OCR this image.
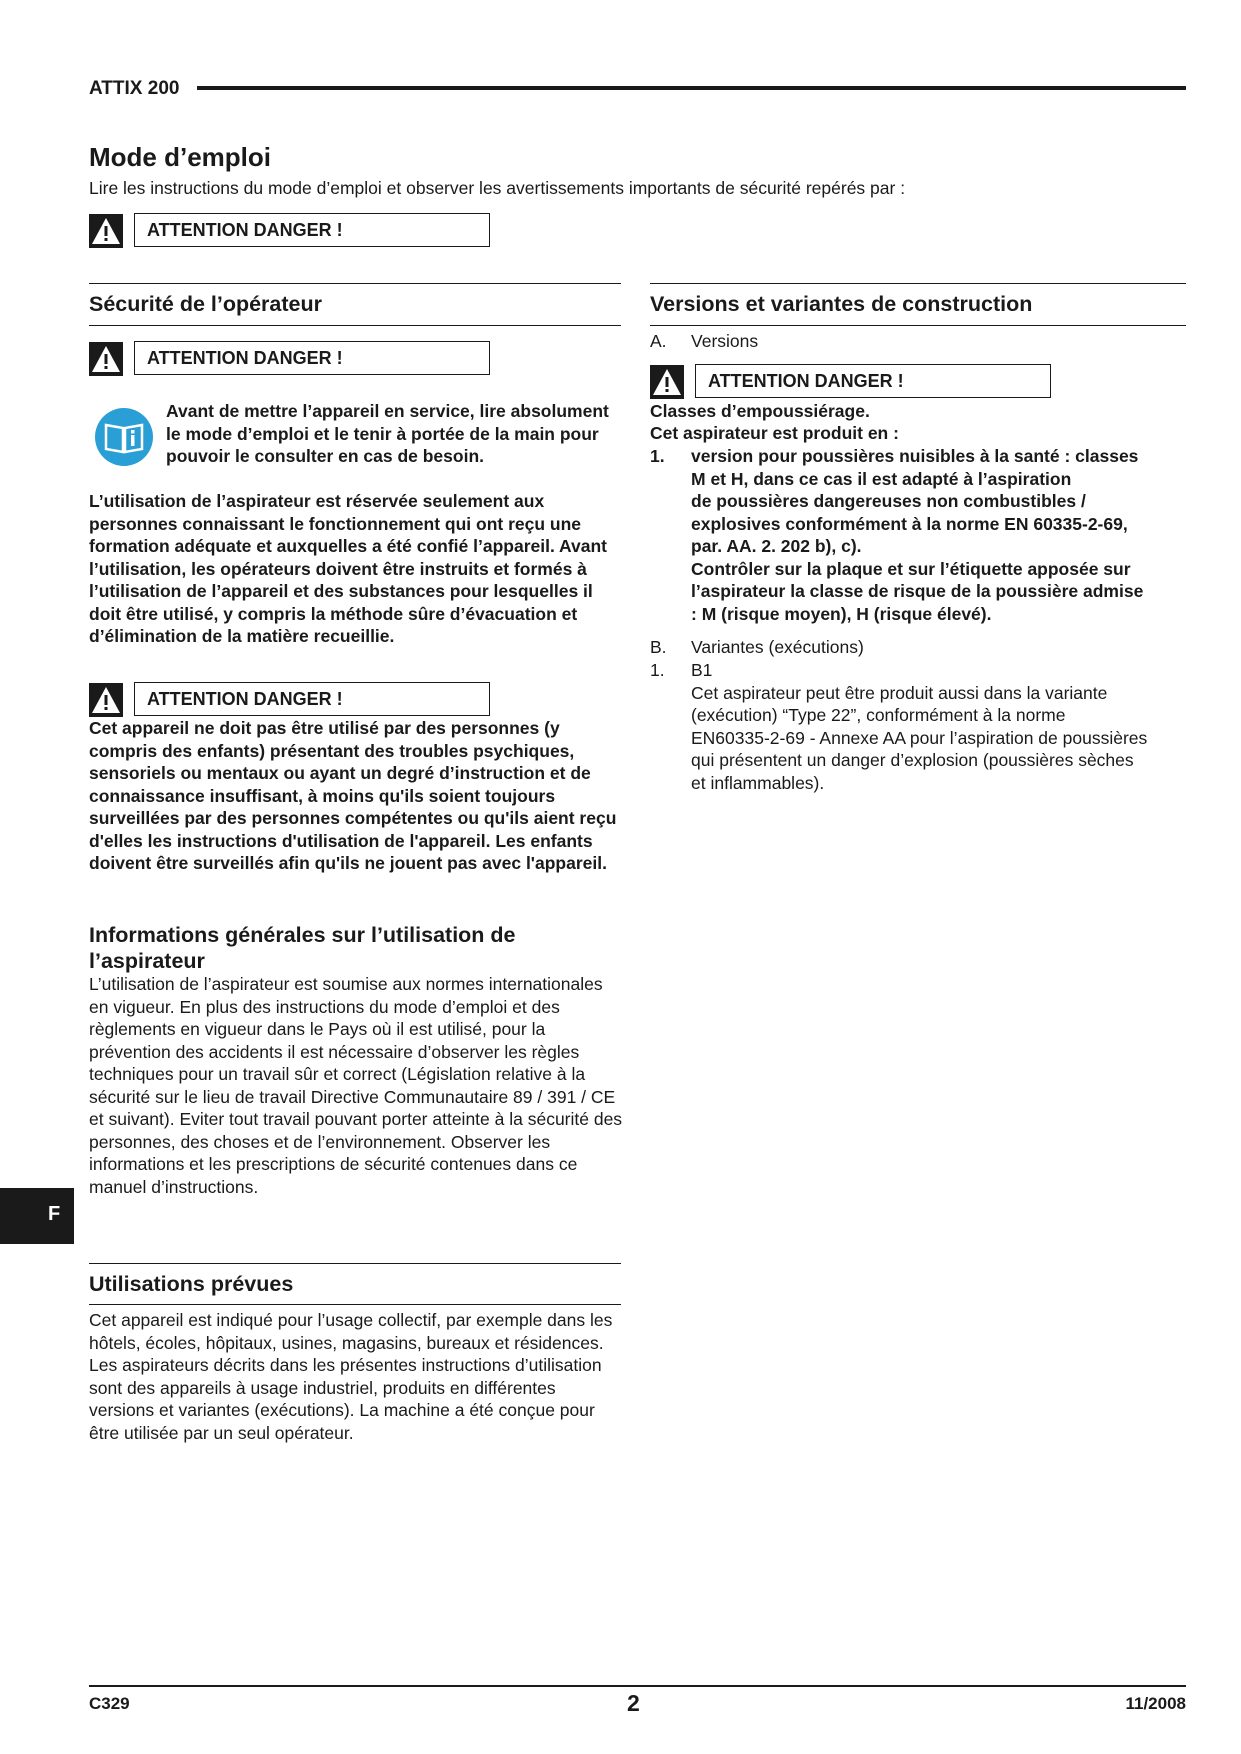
ATTIX 200
Mode d’emploi
Lire les instructions du mode d’emploi et observer les avertissements importants de sécurité repérés par :
ATTENTION DANGER !
Sécurité de l’opérateur
ATTENTION DANGER !

Avant de mettre l’appareil en service, lire absolument le mode d’emploi et le tenir à portée de la main pour pouvoir le consulter en cas de besoin.

L’utilisation de l’aspirateur est réservée seulement aux personnes connaissant le fonctionnement qui ont reçu une formation adéquate et auxquelles a été confié l’appareil. Avant l’utilisation, les opérateurs doivent être instruits et formés à l’utilisation de l’appareil et des substances pour lesquelles il doit être utilisé, y compris la méthode sûre d’évacuation et d’élimination de la matière recueillie.

ATTENTION DANGER !

Cet appareil ne doit pas être utilisé par des personnes (y compris des enfants) présentant des troubles psychiques, sensoriels ou mentaux ou ayant un degré d’instruction et de connaissance insuffisant, à moins qu'ils soient toujours surveillées par des personnes compétentes ou qu'ils aient reçu d'elles les instructions d'utilisation de l'appareil. Les enfants doivent être surveillés afin qu'ils ne jouent pas avec l'appareil.

Informations générales sur l’utilisation de l’aspirateur

L’utilisation de l’aspirateur est soumise aux normes internationales en vigueur. En plus des instructions du mode d’emploi et des règlements en vigueur dans le Pays où il est utilisé, pour la prévention des accidents il est nécessaire d’observer les règles techniques pour un travail sûr et correct (Législation relative à la sécurité sur le lieu de travail Directive Communautaire 89 / 391 / CE et suivant). Eviter tout travail pouvant porter atteinte à la sécurité des personnes, des choses et de l’environnement. Observer les informations et les prescriptions de sécurité contenues dans ce manuel d’instructions.

Utilisations prévues

Cet appareil est indiqué pour l’usage collectif, par exemple dans les hôtels, écoles, hôpitaux, usines, magasins, bureaux et résidences. Les aspirateurs décrits dans les présentes instructions d’utilisation sont des appareils à usage industriel, produits en différentes versions et variantes (exécutions). La machine a été conçue pour être utilisée par un seul opérateur.

Versions et variantes de construction
A. Versions
ATTENTION DANGER !
Classes d’empoussiérage.
Cet aspirateur est produit en :
1. version pour poussières nuisibles à la santé : classes
M et H, dans ce cas il est adapté à l’aspiration
de poussières dangereuses non combustibles /
explosives conformément à la norme EN 60335-2-69,
par. AA. 2. 202 b), c).
Contrôler sur la plaque et sur l’étiquette apposée sur
l’aspirateur la classe de risque de la poussière admise
: M (risque moyen), H (risque élevé).
B. Variantes (exécutions)
1. B1
Cet aspirateur peut être produit aussi dans la variante
(exécution) “Type 22”, conformément à la norme
EN60335-2-69 - Annexe AA pour l’aspiration de poussières
qui présentent un danger d’explosion (poussières sèches
et inflammables).
F
C329	2	11/2008
